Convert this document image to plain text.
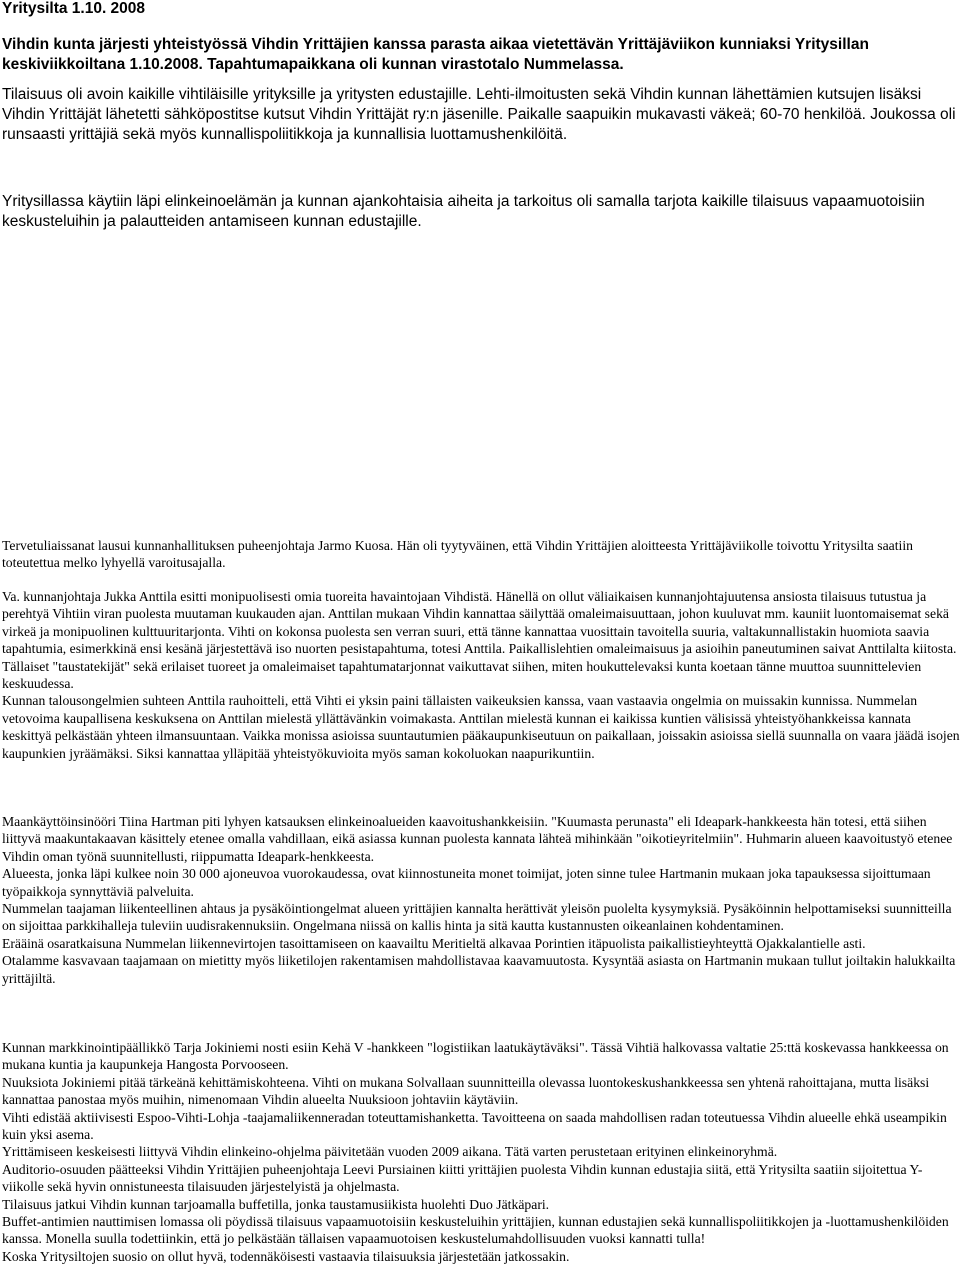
Yritysilta 1.10. 2008

Vihdin kunta järjesti yhteistyössä Vihdin Yrittäjien kanssa parasta aikaa vietettävän Yrittäjäviikon kunniaksi Yritysillan keskiviikkoiltana 1.10.2008. Tapahtumapaikkana oli kunnan virastotalo Nummelassa.

Tilaisuus oli avoin kaikille vihtiläisille yrityksille ja yritysten edustajille. Lehti-ilmoitusten sekä Vihdin kunnan lähettämien kutsujen lisäksi Vihdin Yrittäjät lähetetti sähköpostitse kutsut Vihdin Yrittäjät ry:n jäsenille. Paikalle saapuikin mukavasti väkeä; 60-70 henkilöä. Joukossa oli runsaasti yrittäjiä sekä myös kunnallispoliitikkoja ja kunnallisia luottamushenkilöitä.

Yritysillassa käytiin läpi elinkeinoelämän ja kunnan ajankohtaisia aiheita ja tarkoitus oli samalla tarjota kaikille tilaisuus vapaamuotoisiin keskusteluihin ja palautteiden antamiseen kunnan edustajille.

Tervetuliaissanat lausui kunnanhallituksen puheenjohtaja Jarmo Kuosa. Hän oli tyytyväinen, että Vihdin Yrittäjien aloitteesta Yrittäjäviikolle toivottu Yritysilta saatiin toteutettua melko lyhyellä varoitusajalla.

Va. kunnanjohtaja Jukka Anttila esitti monipuolisesti omia tuoreita havaintojaan Vihdistä. Hänellä on ollut väliaikaisen kunnanjohtajuutensa ansiosta tilaisuus tutustua ja perehtyä Vihtiin viran puolesta muutaman kuukauden ajan. Anttilan mukaan Vihdin kannattaa säilyttää omaleimaisuuttaan, johon kuuluvat mm. kauniit luontomaisemat sekä virkeä ja monipuolinen kulttuuritarjonta. Vihti on kokonsa puolesta sen verran suuri, että tänne kannattaa vuosittain tavoitella suuria, valtakunnallistakin huomiota saavia tapahtumia, esimerkkinä ensi kesänä järjestettävä iso nuorten pesistapahtuma, totesi Anttila. Paikallislehtien omaleimaisuus ja asioihin paneutuminen saivat Anttilalta kiitosta.
Tällaiset "taustatekijät" sekä erilaiset tuoreet ja omaleimaiset tapahtumatarjonnat vaikuttavat siihen, miten houkuttelevaksi kunta koetaan tänne muuttoa suunnittelevien keskuudessa.
Kunnan talousongelmien suhteen Anttila rauhoitteli, että Vihti ei yksin paini tällaisten vaikeuksien kanssa, vaan vastaavia ongelmia on muissakin kunnissa. Nummelan vetovoima kaupallisena keskuksena on Anttilan mielestä yllättävänkin voimakasta. Anttilan mielestä kunnan ei kaikissa kuntien välisissä yhteistyöhankkeissa kannata keskittyä pelkästään yhteen ilmansuuntaan. Vaikka monissa asioissa suuntautumien pääkaupunkiseutuun on paikallaan, joissakin asioissa siellä suunnalla on vaara jäädä isojen kaupunkien jyräämäksi. Siksi kannattaa ylläpitää yhteistyökuvioita myös saman kokoluokan naapurikuntiin.

Maankäyttöinsinööri Tiina Hartman piti lyhyen katsauksen elinkeinoalueiden kaavoitushankkeisiin. "Kuumasta perunasta" eli Ideapark-hankkeesta hän totesi, että siihen liittyvä maakuntakaavan käsittely etenee omalla vahdillaan, eikä asiassa kunnan puolesta kannata lähteä mihinkään "oikotieyritelmiin". Huhmarin alueen kaavoitustyö etenee Vihdin oman työnä suunnitellusti, riippumatta Ideapark-henkkeesta.
Alueesta, jonka läpi kulkee noin 30 000 ajoneuvoa vuorokaudessa, ovat kiinnostuneita monet toimijat, joten sinne tulee Hartmanin mukaan joka tapauksessa sijoittumaan työpaikkoja synnyttäviä palveluita.
Nummelan taajaman liikenteellinen ahtaus ja pysäköintiongelmat alueen yrittäjien kannalta herättivät yleisön puolelta kysymyksiä. Pysäköinnin helpottamiseksi suunnitteilla on sijoittaa parkkihalleja tuleviin uudisrakennuksiin. Ongelmana niissä on kallis hinta ja sitä kautta kustannusten oikeanlainen kohdentaminen.
Erääinä osaratkaisuna Nummelan liikennevirtojen tasoittamiseen on kaavailtu Meritieltä alkavaa Porintien itäpuolista paikallistieyhteyttä Ojakkalantielle asti.
Otalamme kasvavaan taajamaan on mietitty myös liiketilojen rakentamisen mahdollistavaa kaavamuutosta. Kysyntää asiasta on Hartmanin mukaan tullut joiltakin halukkailta yrittäjiltä.

Kunnan markkinointipäällikkö Tarja Jokiniemi nosti esiin Kehä V -hankkeen "logistiikan laatukäytäväksi". Tässä Vihtiä halkovassa valtatie 25:ttä koskevassa hankkeessa on mukana kuntia ja kaupunkeja Hangosta Porvooseen.
Nuuksiota Jokiniemi pitää tärkeänä kehittämiskohteena. Vihti on mukana Solvallaan suunnitteilla olevassa luontokeskushankkeessa sen yhtenä rahoittajana, mutta lisäksi kannattaa panostaa myös muihin, nimenomaan Vihdin alueelta Nuuksioon johtaviin käytäviin.
Vihti edistää aktiivisesti Espoo-Vihti-Lohja -taajamaliikenneradan toteuttamishanketta. Tavoitteena on saada mahdollisen radan toteutuessa Vihdin alueelle ehkä useampikin kuin yksi asema.
Yrittämiseen keskeisesti liittyvä Vihdin elinkeino-ohjelma päivitetään vuoden 2009 aikana. Tätä varten perustetaan erityinen elinkeinoryhmä.
Auditorio-osuuden päätteeksi Vihdin Yrittäjien puheenjohtaja Leevi Pursiainen kiitti yrittäjien puolesta Vihdin kunnan edustajia siitä, että Yritysilta saatiin sijoitettua Y-viikolle sekä hyvin onnistuneesta tilaisuuden järjestelyistä ja ohjelmasta.
Tilaisuus jatkui Vihdin kunnan tarjoamalla buffetilla, jonka taustamusiikista huolehti Duo Jätkäpari.
Buffet-antimien nauttimisen lomassa oli pöydissä tilaisuus vapaamuotoisiin keskusteluihin yrittäjien, kunnan edustajien sekä kunnallispoliitikkojen ja -luottamushenkilöiden kanssa. Monella suulla todettiinkin, että jo pelkästään tällaisen vapaamuotoisen keskustelumahdollisuuden vuoksi kannatti tulla!
Koska Yritysiltojen suosio on ollut hyvä, todennäköisesti vastaavia tilaisuuksia järjestetään jatkossakin.
